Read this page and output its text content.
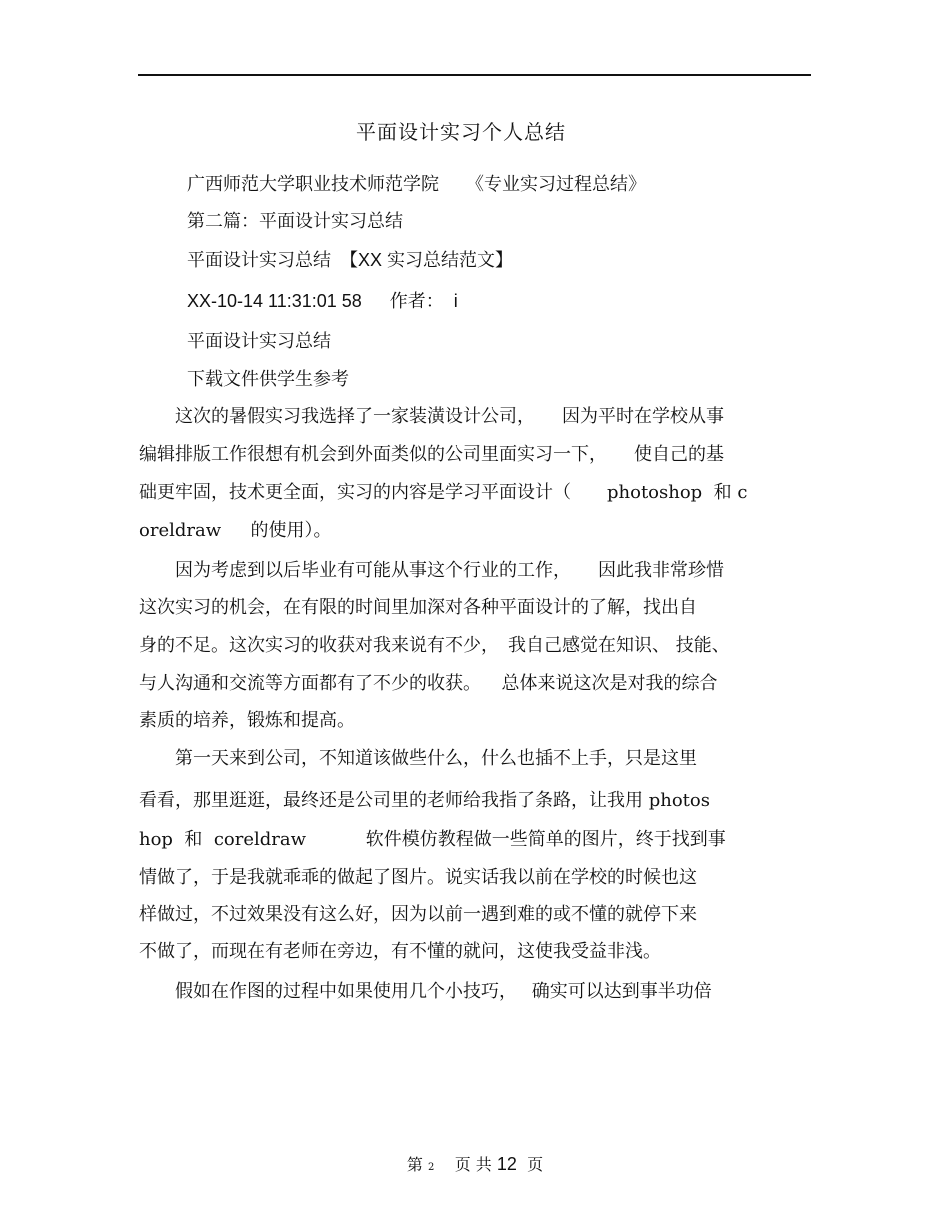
平面设计实习个人总结
广西师范大学职业技术师范学院　　《专业实习过程总结》
第二篇：平面设计实习总结
平面设计实习总结　【XX 实习总结范文】
XX-10-14 11:31:01 58　  作者：  i
平面设计实习总结
下载文件供学生参考
　　这次的暑假实习我选择了一家装潢设计公司，　　因为平时在学校从事
编辑排版工作很想有机会到外面类似的公司里面实习一下，　　使自己的基
础更牢固，技术更全面，实习的内容是学习平面设计（　　photoshop  和 c
oreldraw　  的使用）。
　　因为考虑到以后毕业有可能从事这个行业的工作，　　因此我非常珍惜
这次实习的机会，在有限的时间里加深对各种平面设计的了解，找出自
身的不足。这次实习的收获对我来说有不少，　我自己感觉在知识、 技能、
与人沟通和交流等方面都有了不少的收获。　  总体来说这次是对我的综合
素质的培养，锻炼和提高。
　　第一天来到公司，不知道该做些什么，什么也插不上手，只是这里
看看，那里逛逛，最终还是公司里的老师给我指了条路，让我用 photos
hop  和  coreldraw　　　 软件模仿教程做一些简单的图片，终于找到事
情做了，于是我就乖乖的做起了图片。说实话我以前在学校的时候也这
样做过，不过效果没有这么好，因为以前一遇到难的或不懂的就停下来
不做了，而现在有老师在旁边，有不懂的就问，这使我受益非浅。
　　假如在作图的过程中如果使用几个小技巧，　 确实可以达到事半功倍
第 2 页 共 12 页
